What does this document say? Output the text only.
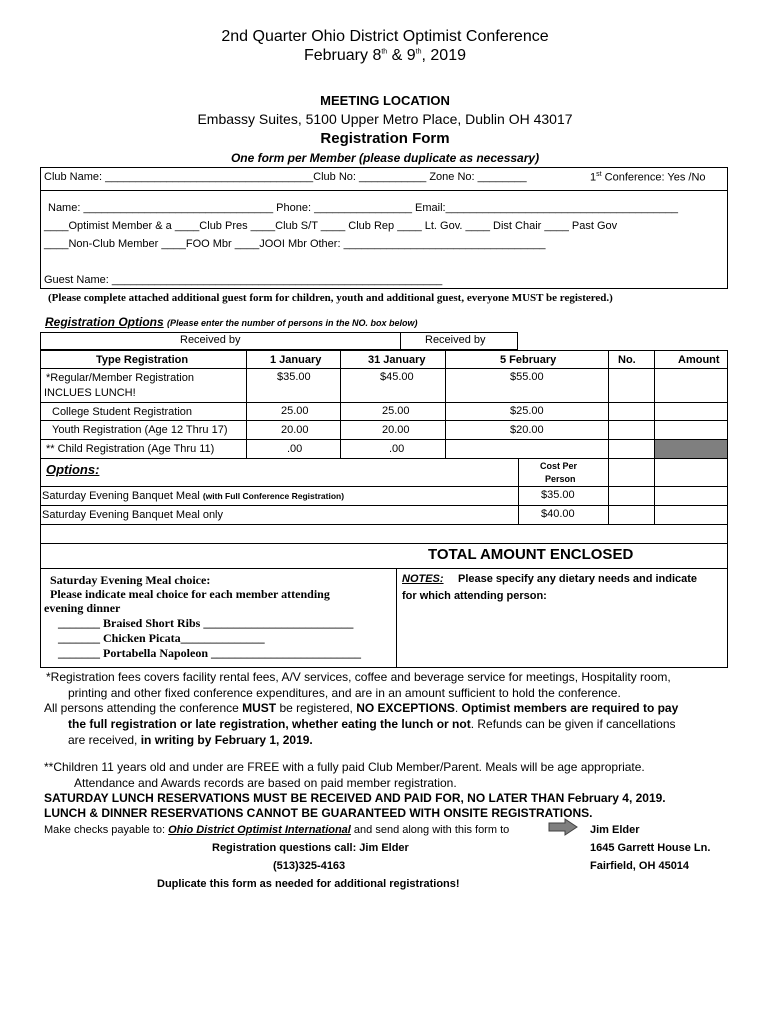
2nd Quarter Ohio District Optimist Conference
February 8th & 9th, 2019
MEETING LOCATION
Embassy Suites, 5100 Upper Metro Place, Dublin OH 43017
Registration Form
One form per Member (please duplicate as necessary)
Club Name: __________________________________Club No: ___________ Zone No: ________	1st Conference: Yes /No
Name: _______________________________ Phone: ________________ Email:______________________________________
____Optimist Member & a ____Club Pres ____Club S/T ____ Club Rep ____ Lt. Gov. ____ Dist Chair ____ Past Gov
____Non-Club Member ____FOO Mbr ____JOOI Mbr Other: _________________________________
Guest Name: ______________________________________________________
(Please complete attached additional guest form for children, youth and additional guest, everyone MUST be registered.)
Registration Options (Please enter the number of persons in the NO. box below)
Received by	Received by
Type Registration	1 January	31 January	5 February	No.	Amount
*Regular/Member Registration
INCLUES LUNCH!
$35.00	$45.00	$55.00
College Student Registration	25.00	25.00	$25.00
Youth Registration (Age 12 Thru 17)	20.00	20.00	$20.00
** Child Registration (Age Thru 11)	.00	.00
Options:	Cost Per
Person
Saturday Evening Banquet Meal (with Full Conference Registration)	$35.00
Saturday Evening Banquet Meal only	$40.00
TOTAL AMOUNT ENCLOSED
Saturday Evening Meal choice:
Please indicate meal choice for each member attending
evening dinner
_______ Braised Short Ribs _________________________
_______ Chicken Picata______________
_______ Portabella Napoleon _________________________
NOTES: Please specify any dietary needs and indicate
for which attending person:
*Registration fees covers facility rental fees, A/V services, coffee and beverage service for meetings, Hospitality room,
printing and other fixed conference expenditures, and are in an amount sufficient to hold the conference.
All persons attending the conference MUST be registered, NO EXCEPTIONS. Optimist members are required to pay
the full registration or late registration, whether eating the lunch or not. Refunds can be given if cancellations
are received, in writing by February 1, 2019.
**Children 11 years old and under are FREE with a fully paid Club Member/Parent. Meals will be age appropriate.
Attendance and Awards records are based on paid member registration.
SATURDAY LUNCH RESERVATIONS MUST BE RECEIVED AND PAID FOR, NO LATER THAN February 4, 2019.
LUNCH & DINNER RESERVATIONS CANNOT BE GUARANTEED WITH ONSITE REGISTRATIONS.
Make checks payable to: Ohio District Optimist International and send along with this form to	Jim Elder
1645 Garrett House Ln.
Fairfield, OH 45014
Registration questions call: Jim Elder
(513)325-4163
Duplicate this form as needed for additional registrations!
